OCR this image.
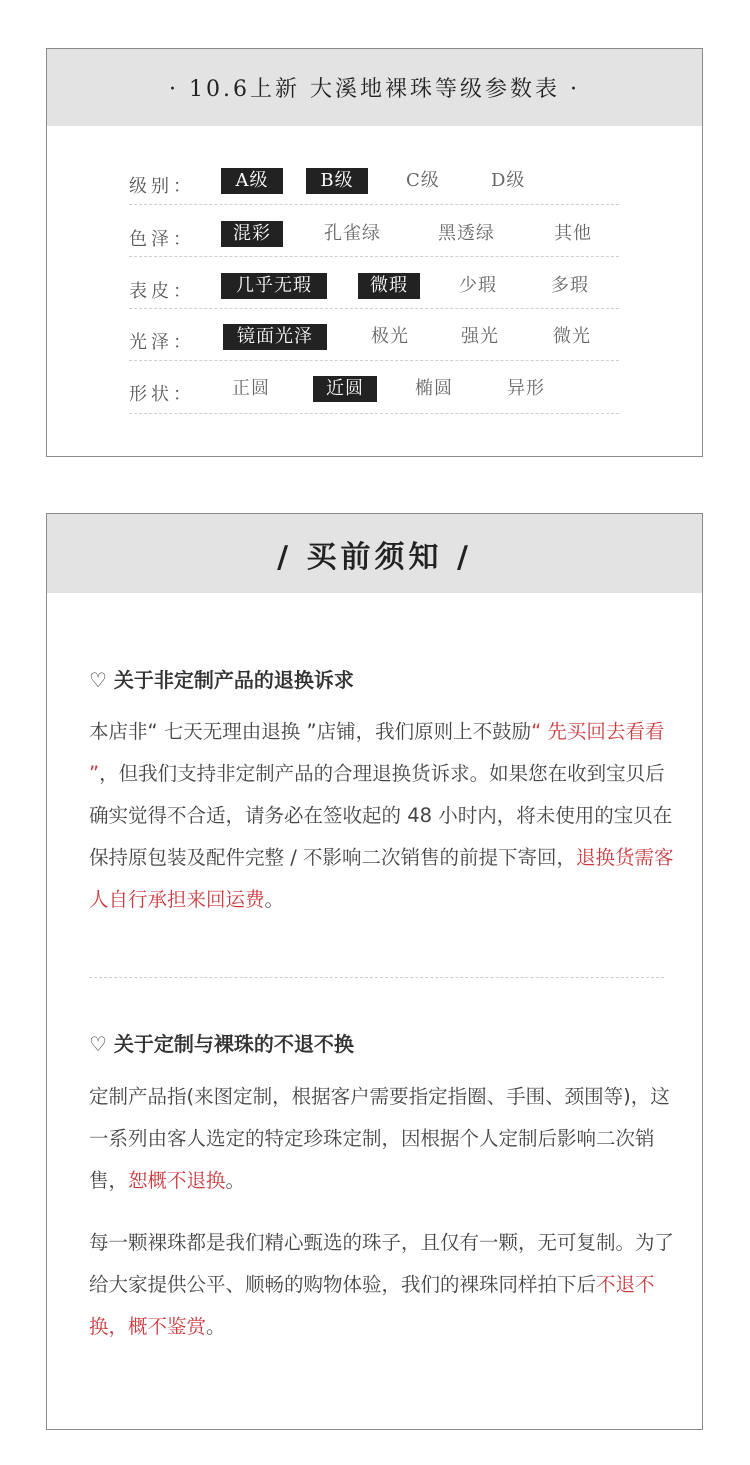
· 10.6上新 大溪地裸珠等级参数表 ·
级别：	A级	B级	C级	D级
色泽：	混彩	孔雀绿	黑透绿	其他
表皮：	几乎无瑕	微瑕	少瑕	多瑕
光泽：	镜面光泽	极光	强光	微光
形状： 正圆	近圆	椭圆	异形
/ 买前须知 /
♡ 关于非定制产品的退换诉求

本店非“ 七天无理由退换 ”店铺，我们原则上不鼓励“ 先买回去看看 ”，但我们支持非定制产品的合理退换货诉求。如果您在收到宝贝后确实觉得不合适，请务必在签收起的 48 小时内，将未使用的宝贝在保持原包装及配件完整 / 不影响二次销售的前提下寄回，退换货需客人自行承担来回运费。

♡ 关于定制与裸珠的不退不换

定制产品指(来图定制，根据客户需要指定指圈、手围、颈围等)，这一系列由客人选定的特定珍珠定制，因根据个人定制后影响二次销售，恕概不退换。

每一颗裸珠都是我们精心甄选的珠子，且仅有一颗，无可复制。为了给大家提供公平、顺畅的购物体验，我们的裸珠同样拍下后不退不换，概不鉴赏。
